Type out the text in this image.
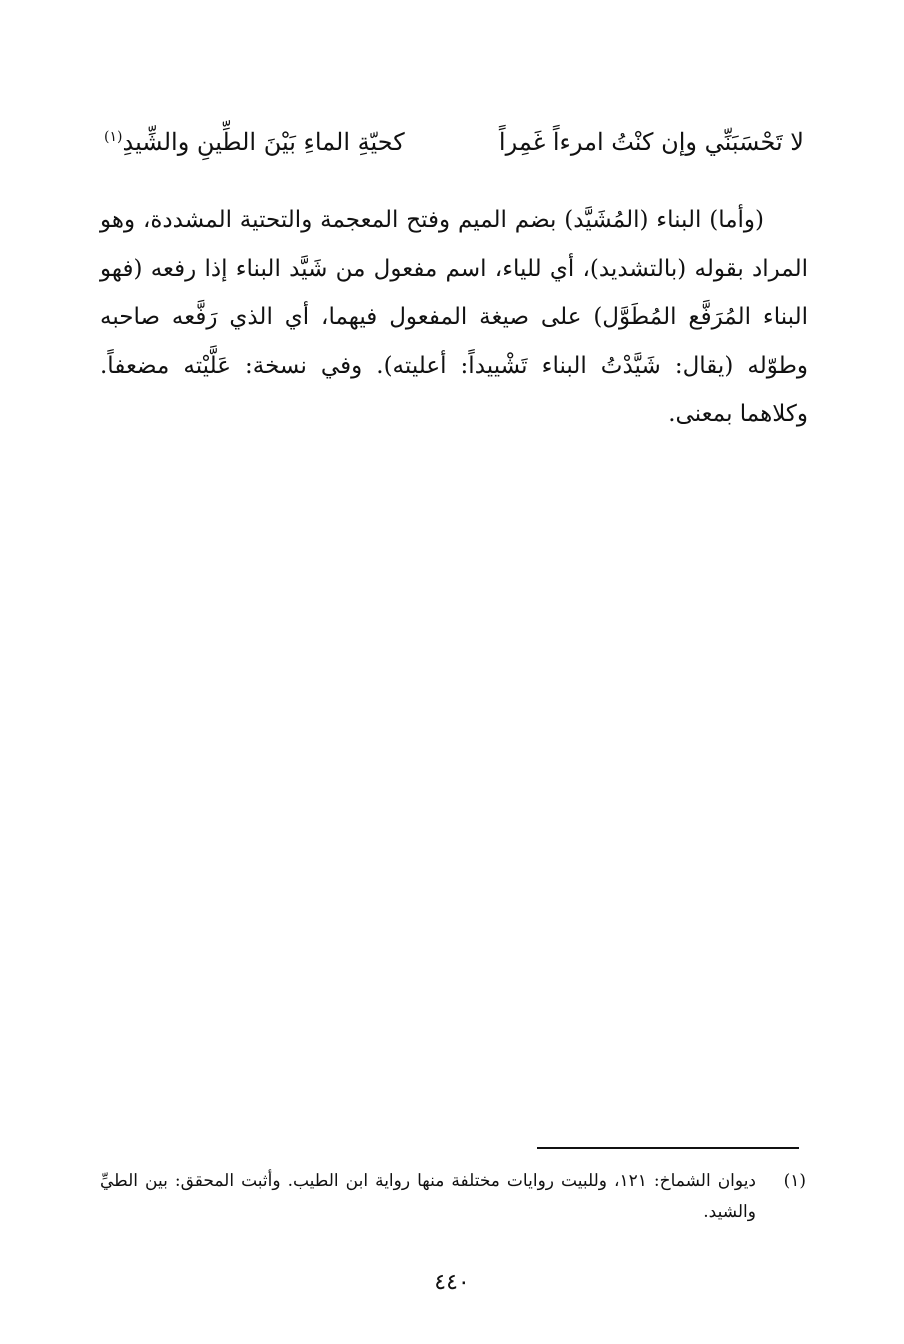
لا تَحْسَبَنِّي وإن كنْتُ امرءاً غَمِراً
كحيّةِ الماءِ بَيْنَ الطِّينِ والشِّيدِ$^{(١)}$

(وأما) البناء (المُشَيَّد) بضم الميم وفتح المعجمة والتحتية المشددة، وهو المراد بقوله (بالتشديد)، أي للياء، اسم مفعول من شَيَّد البناء إذا رفعه (فهو البناء المُرَفَّع المُطَوَّل) على صيغة المفعول فيهما، أي الذي رَفَّعه صاحبه وطوّله (يقال: شَيَّدْتُ البناء تَشْييداً: أعليته). وفي نسخة: عَلَّيْته مضعفاً. وكلاهما بمعنى.

(١)
ديوان الشماخ: ١٢١، وللبيت روايات مختلفة منها رواية ابن الطيب. وأثبت المحقق: بين الطيِّ والشيد.
٤٤٠
